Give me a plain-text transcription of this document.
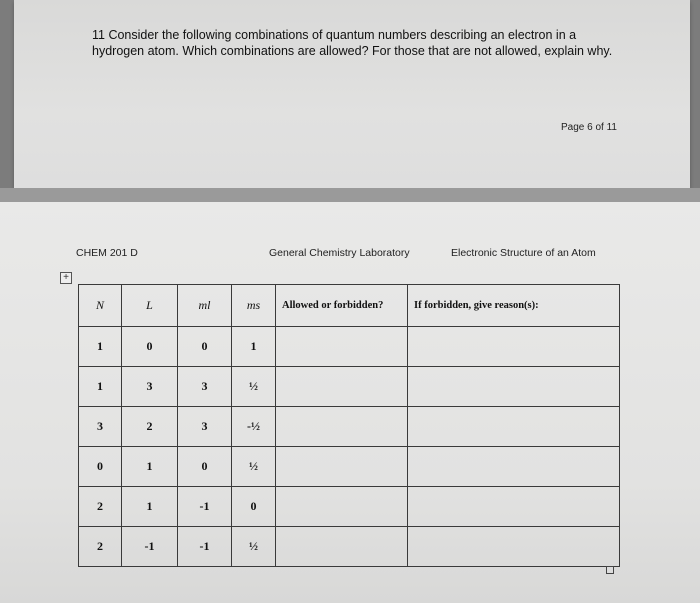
11 Consider the following combinations of quantum numbers describing an electron in a
hydrogen atom. Which combinations are allowed? For those that are not allowed, explain why.
Page 6 of 11
CHEM 201 D	General Chemistry Laboratory	Electronic Structure of an Atom
+
N	L	ml	ms	Allowed or forbidden?	If forbidden, give reason(s):
1	0	0	1		
1	3	3	½		
3	2	3	-½		
0	1	0	½		
2	1	-1	0		
2	-1	-1	½		
